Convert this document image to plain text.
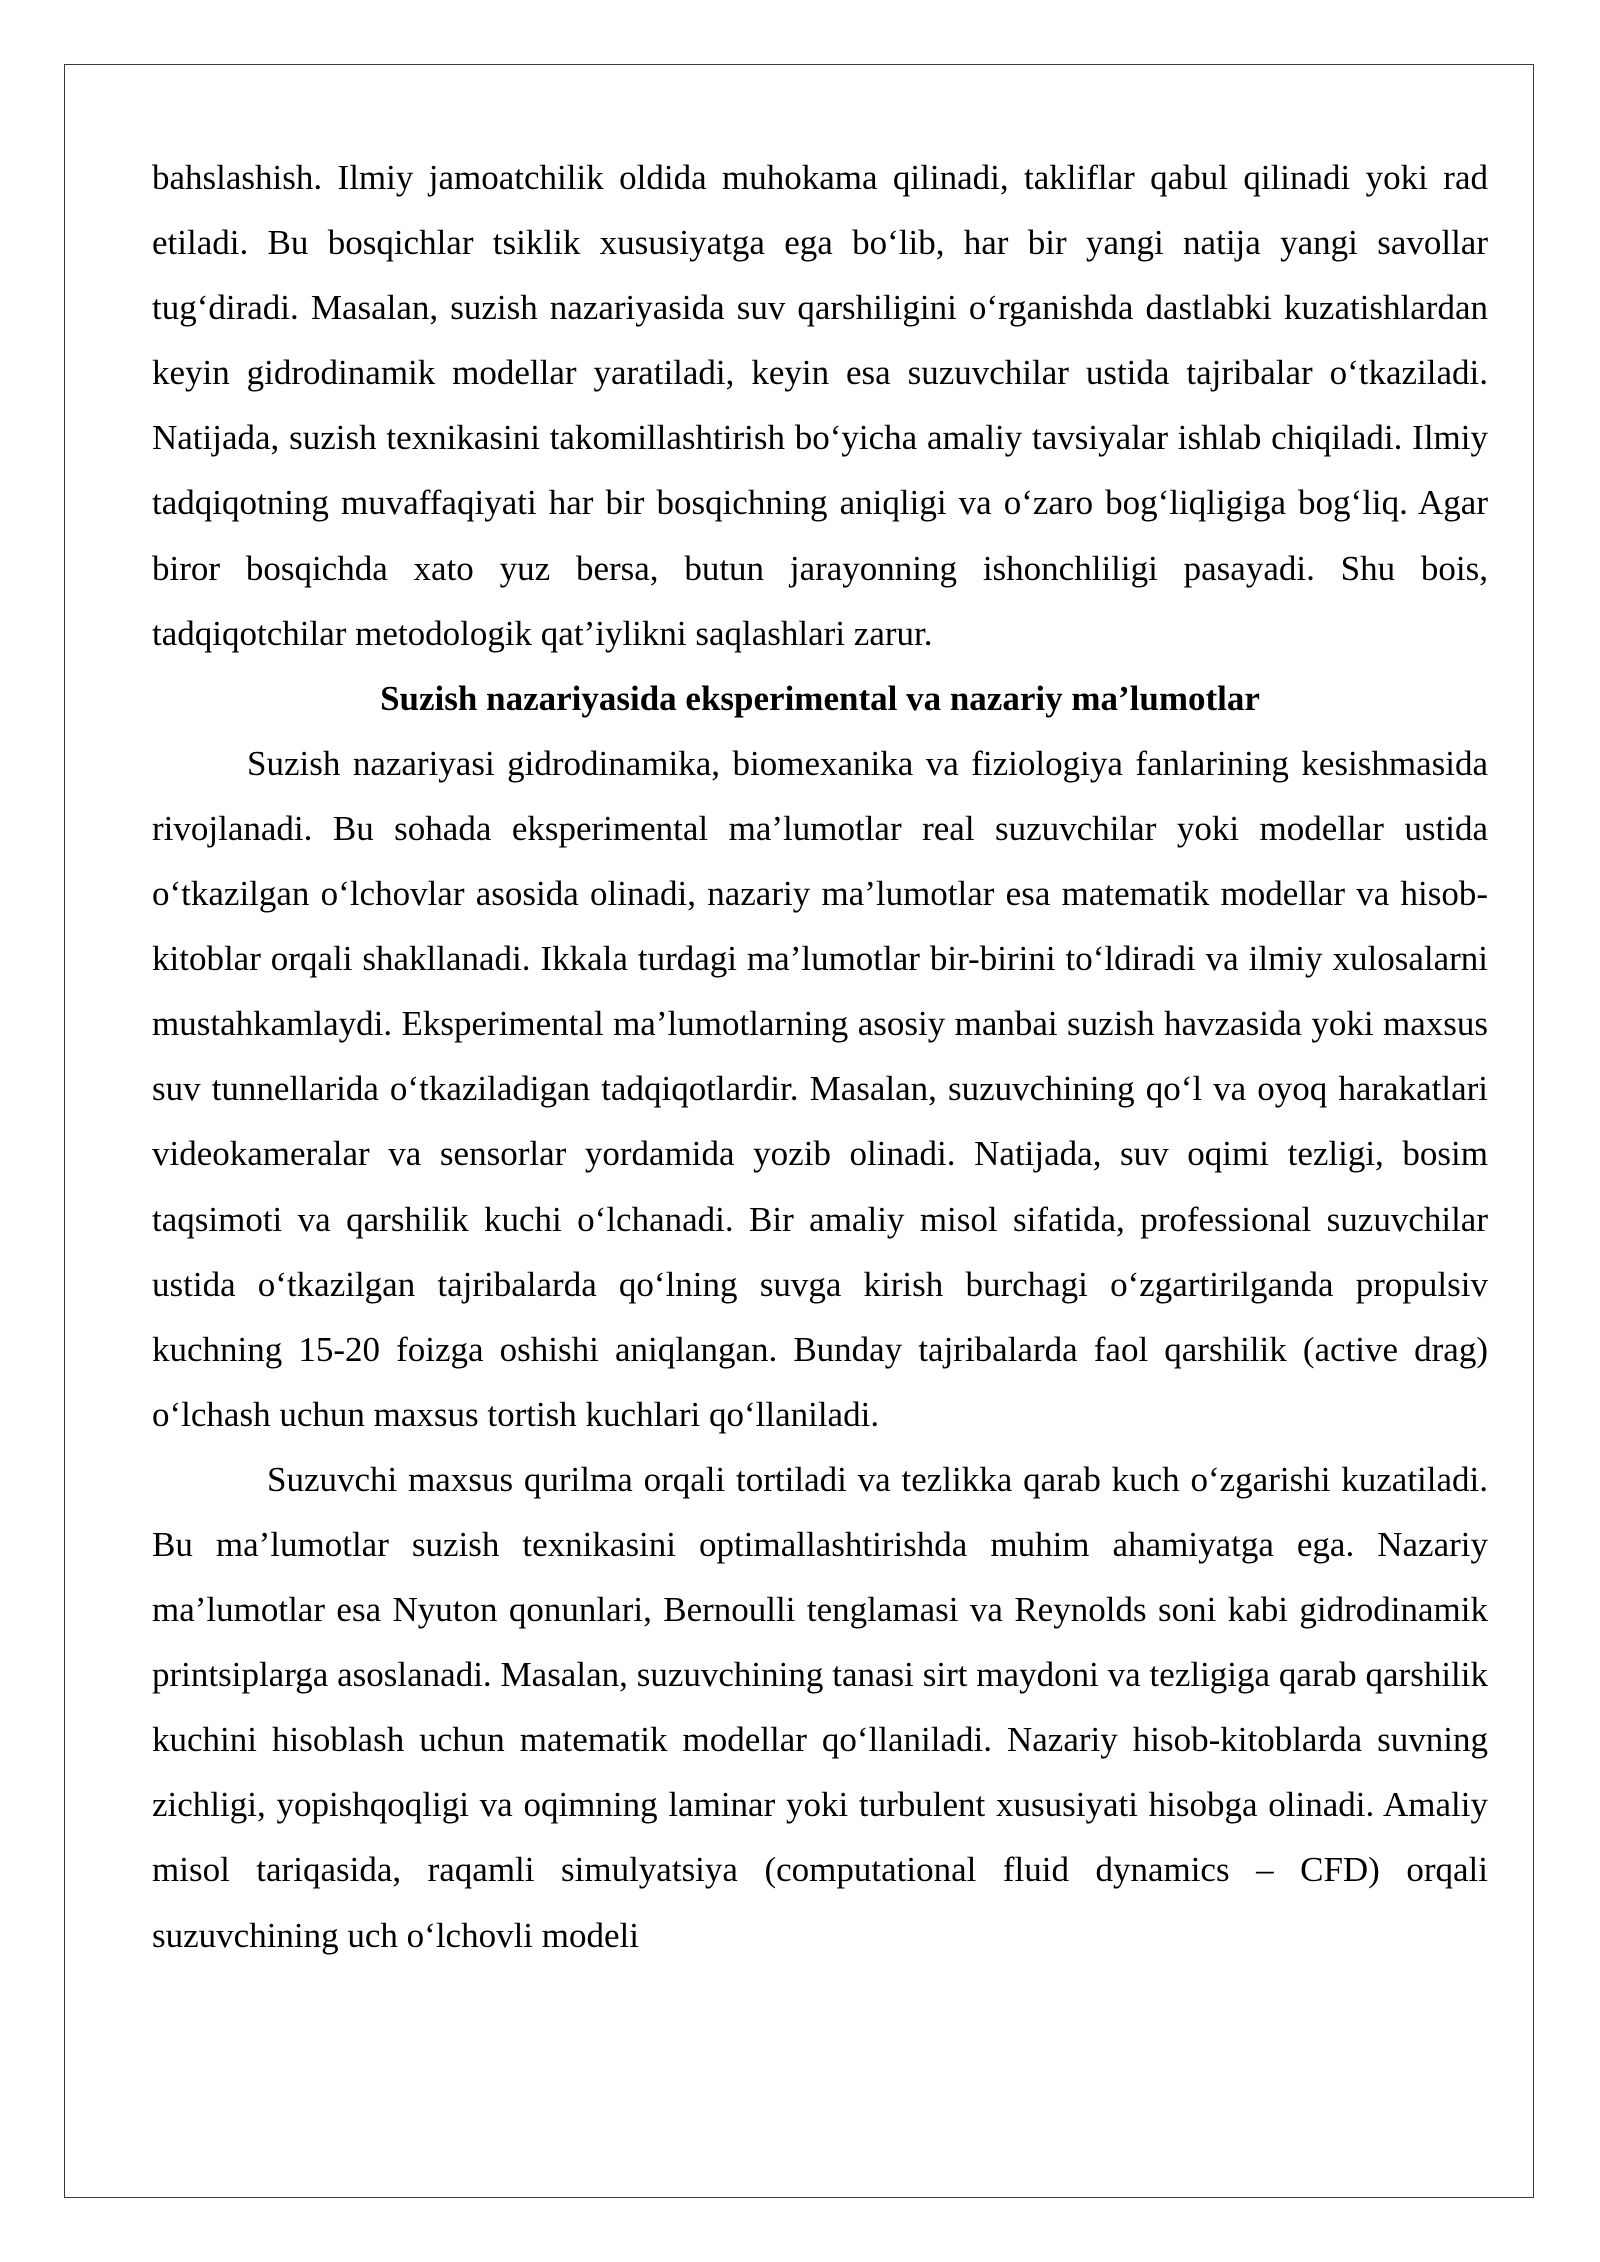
bahslashish. Ilmiy jamoatchilik oldida muhokama qilinadi, takliflar qabul qilinadi yoki rad etiladi. Bu bosqichlar tsiklik xususiyatga ega bo‘lib, har bir yangi natija yangi savollar tug‘diradi. Masalan, suzish nazariyasida suv qarshiligini o‘rganishda dastlabki kuzatishlardan keyin gidrodinamik modellar yaratiladi, keyin esa suzuvchilar ustida tajribalar o‘tkaziladi. Natijada, suzish texnikasini takomillashtirish bo‘yicha amaliy tavsiyalar ishlab chiqiladi. Ilmiy tadqiqotning muvaffaqiyati har bir bosqichning aniqligi va o‘zaro bog‘liqligiga bog‘liq. Agar biror bosqichda xato yuz bersa, butun jarayonning ishonchliligi pasayadi. Shu bois, tadqiqotchilar metodologik qat’iylikni saqlashlari zarur.

Suzish nazariyasida eksperimental va nazariy ma’lumotlar

Suzish nazariyasi gidrodinamika, biomexanika va fiziologiya fanlarining kesishmasida rivojlanadi. Bu sohada eksperimental ma’lumotlar real suzuvchilar yoki modellar ustida o‘tkazilgan o‘lchovlar asosida olinadi, nazariy ma’lumotlar esa matematik modellar va hisob-kitoblar orqali shakllanadi. Ikkala turdagi ma’lumotlar bir-birini to‘ldiradi va ilmiy xulosalarni mustahkamlaydi. Eksperimental ma’lumotlarning asosiy manbai suzish havzasida yoki maxsus suv tunnellarida o‘tkaziladigan tadqiqotlardir. Masalan, suzuvchining qo‘l va oyoq harakatlari videokameralar va sensorlar yordamida yozib olinadi. Natijada, suv oqimi tezligi, bosim taqsimoti va qarshilik kuchi o‘lchanadi. Bir amaliy misol sifatida, professional suzuvchilar ustida o‘tkazilgan tajribalarda qo‘lning suvga kirish burchagi o‘zgartirilganda propulsiv kuchning 15-20 foizga oshishi aniqlangan. Bunday tajribalarda faol qarshilik (active drag) o‘lchash uchun maxsus tortish kuchlari qo‘llaniladi.

Suzuvchi maxsus qurilma orqali tortiladi va tezlikka qarab kuch o‘zgarishi kuzatiladi. Bu ma’lumotlar suzish texnikasini optimallashtirishda muhim ahamiyatga ega. Nazariy ma’lumotlar esa Nyuton qonunlari, Bernoulli tenglamasi va Reynolds soni kabi gidrodinamik printsiplarga asoslanadi. Masalan, suzuvchining tanasi sirt maydoni va tezligiga qarab qarshilik kuchini hisoblash uchun matematik modellar qo‘llaniladi. Nazariy hisob-kitoblarda suvning zichligi, yopishqoqligi va oqimning laminar yoki turbulent xususiyati hisobga olinadi. Amaliy misol tariqasida, raqamli simulyatsiya (computational fluid dynamics – CFD) orqali suzuvchining uch o‘lchovli modeli
